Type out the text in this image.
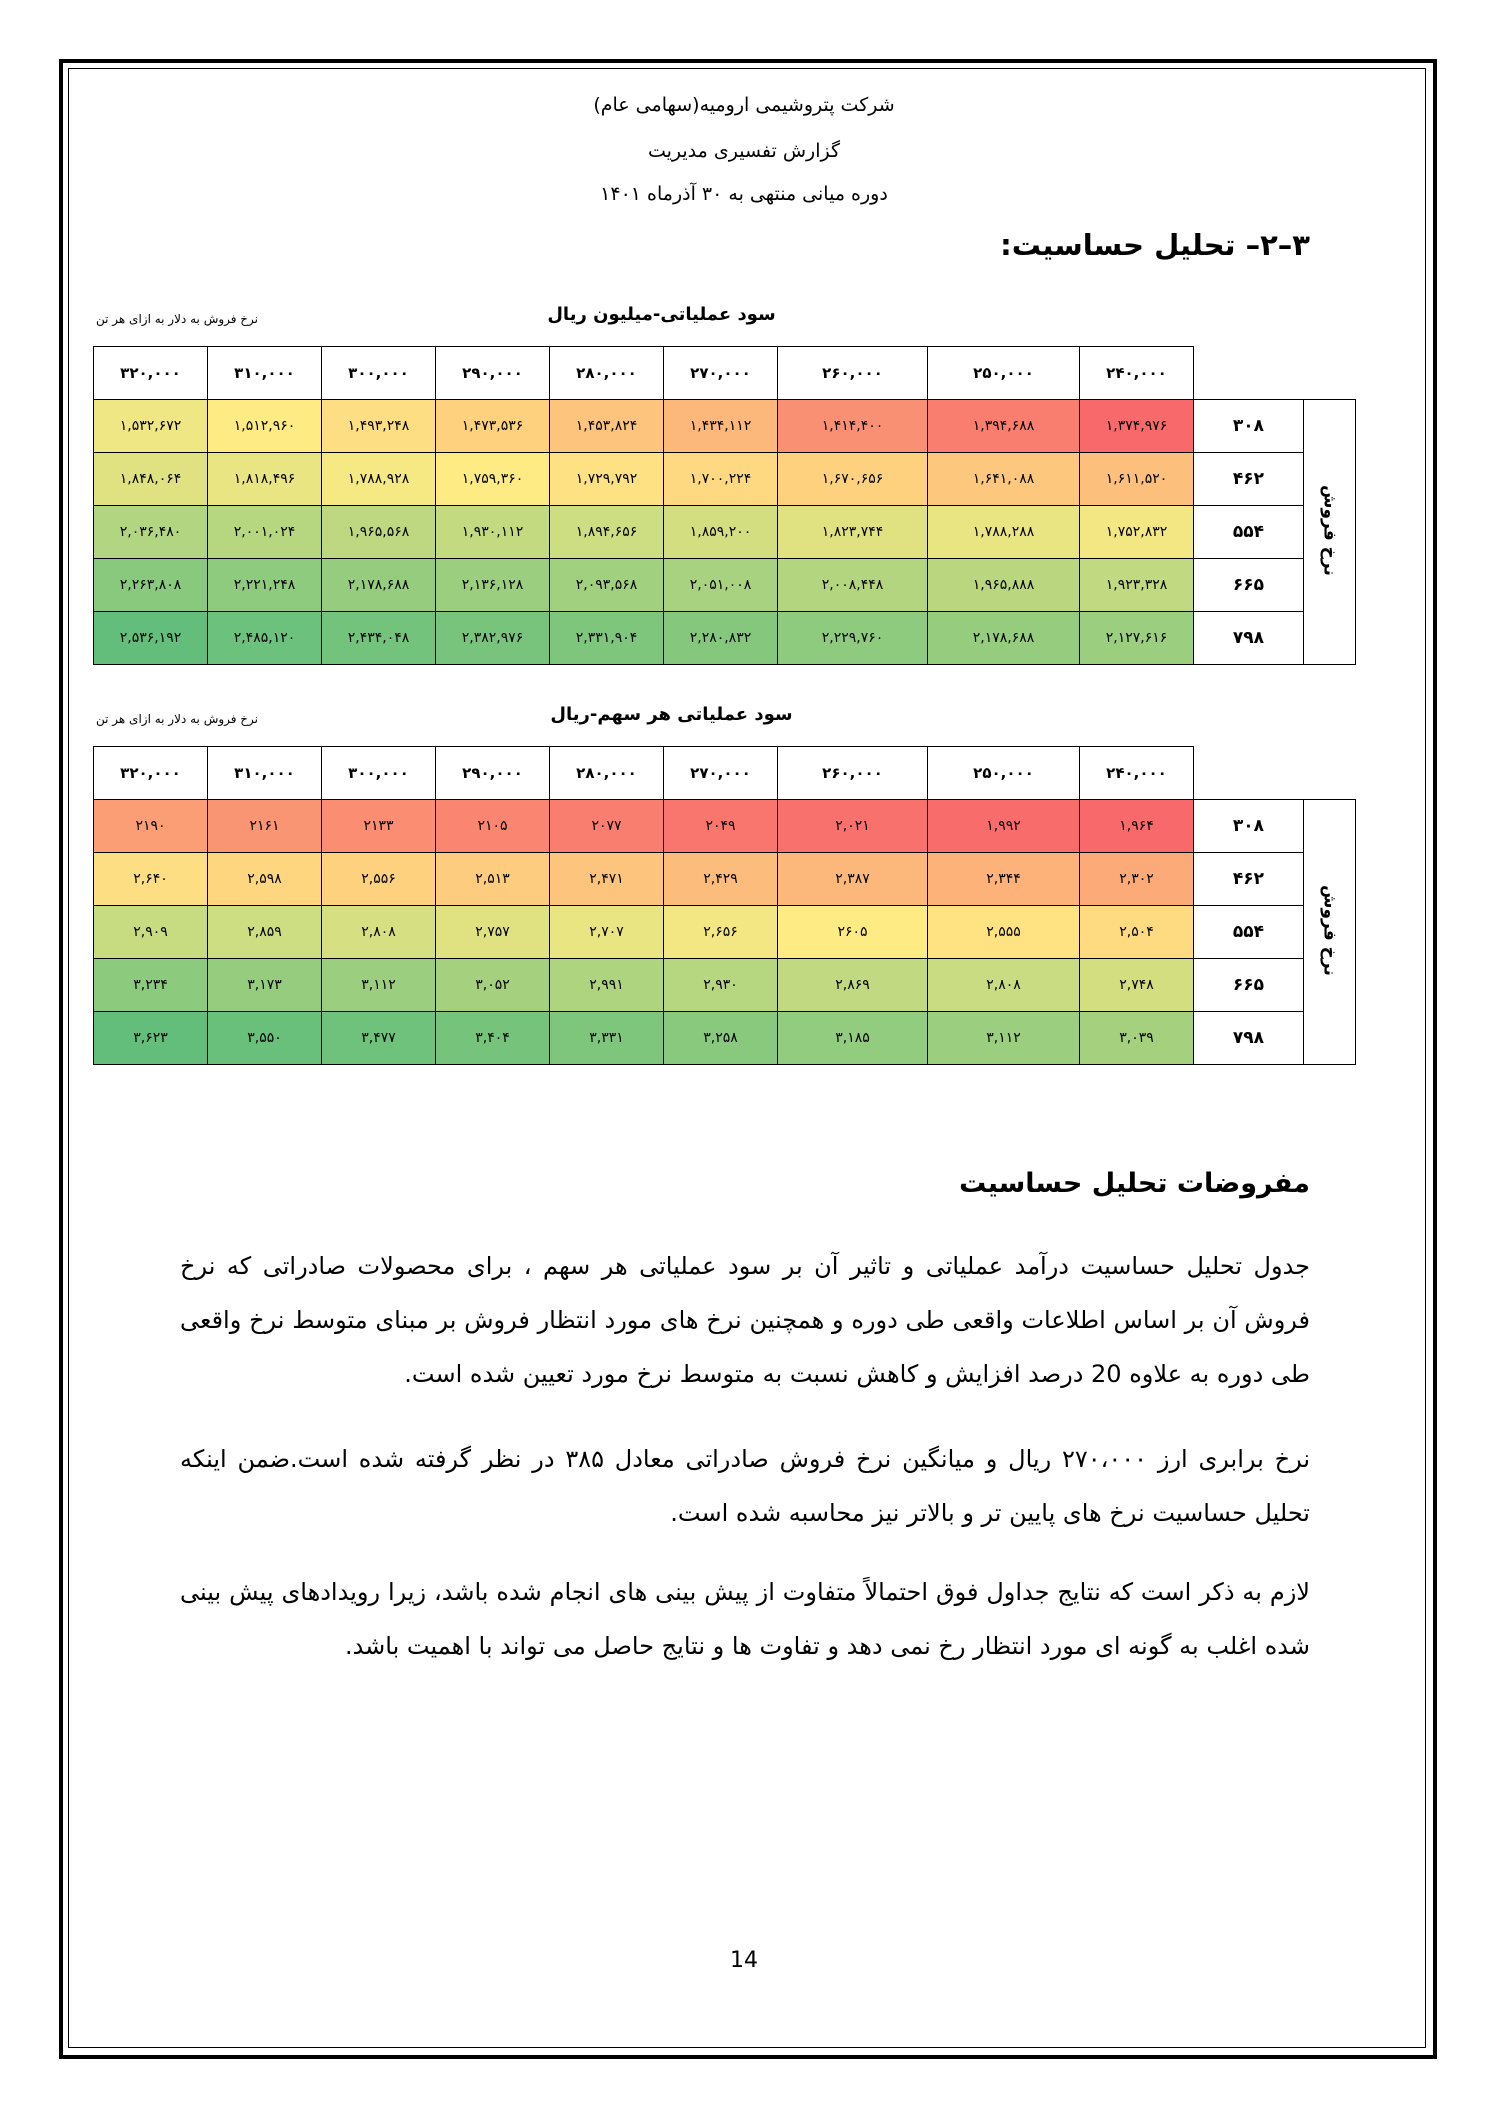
شرکت پتروشیمی ارومیه(سهامی عام)
گزارش تفسیری مدیریت
دوره میانی منتهی به ۳۰ آذرماه ۱۴۰۱
۳–۲– تحلیل حساسیت:
نرخ فروش به دلار به ازای هر تن	سود عملیاتی-میلیون ریال
۳۲۰,۰۰۰	۳۱۰,۰۰۰	۳۰۰,۰۰۰	۲۹۰,۰۰۰	۲۸۰,۰۰۰	۲۷۰,۰۰۰	۲۶۰,۰۰۰	۲۵۰,۰۰۰	۲۴۰,۰۰۰		
۱,۵۳۲,۶۷۲	۱,۵۱۲,۹۶۰	۱,۴۹۳,۲۴۸	۱,۴۷۳,۵۳۶	۱,۴۵۳,۸۲۴	۱,۴۳۴,۱۱۲	۱,۴۱۴,۴۰۰	۱,۳۹۴,۶۸۸	۱,۳۷۴,۹۷۶	۳۰۸	نرخ فروش
۱,۸۴۸,۰۶۴	۱,۸۱۸,۴۹۶	۱,۷۸۸,۹۲۸	۱,۷۵۹,۳۶۰	۱,۷۲۹,۷۹۲	۱,۷۰۰,۲۲۴	۱,۶۷۰,۶۵۶	۱,۶۴۱,۰۸۸	۱,۶۱۱,۵۲۰	۴۶۲	
۲,۰۳۶,۴۸۰	۲,۰۰۱,۰۲۴	۱,۹۶۵,۵۶۸	۱,۹۳۰,۱۱۲	۱,۸۹۴,۶۵۶	۱,۸۵۹,۲۰۰	۱,۸۲۳,۷۴۴	۱,۷۸۸,۲۸۸	۱,۷۵۲,۸۳۲	۵۵۴	
۲,۲۶۳,۸۰۸	۲,۲۲۱,۲۴۸	۲,۱۷۸,۶۸۸	۲,۱۳۶,۱۲۸	۲,۰۹۳,۵۶۸	۲,۰۵۱,۰۰۸	۲,۰۰۸,۴۴۸	۱,۹۶۵,۸۸۸	۱,۹۲۳,۳۲۸	۶۶۵	
۲,۵۳۶,۱۹۲	۲,۴۸۵,۱۲۰	۲,۴۳۴,۰۴۸	۲,۳۸۲,۹۷۶	۲,۳۳۱,۹۰۴	۲,۲۸۰,۸۳۲	۲,۲۲۹,۷۶۰	۲,۱۷۸,۶۸۸	۲,۱۲۷,۶۱۶	۷۹۸	
نرخ فروش به دلار به ازای هر تن	سود عملیاتی هر سهم-ریال
۳۲۰,۰۰۰	۳۱۰,۰۰۰	۳۰۰,۰۰۰	۲۹۰,۰۰۰	۲۸۰,۰۰۰	۲۷۰,۰۰۰	۲۶۰,۰۰۰	۲۵۰,۰۰۰	۲۴۰,۰۰۰		
۲۱۹۰	۲۱۶۱	۲۱۳۳	۲۱۰۵	۲۰۷۷	۲۰۴۹	۲,۰۲۱	۱,۹۹۲	۱,۹۶۴	۳۰۸	نرخ فروش
۲,۶۴۰	۲,۵۹۸	۲,۵۵۶	۲,۵۱۳	۲,۴۷۱	۲,۴۲۹	۲,۳۸۷	۲,۳۴۴	۲,۳۰۲	۴۶۲	
۲,۹۰۹	۲,۸۵۹	۲,۸۰۸	۲,۷۵۷	۲,۷۰۷	۲,۶۵۶	۲۶۰۵	۲,۵۵۵	۲,۵۰۴	۵۵۴	
۳,۲۳۴	۳,۱۷۳	۳,۱۱۲	۳,۰۵۲	۲,۹۹۱	۲,۹۳۰	۲,۸۶۹	۲,۸۰۸	۲,۷۴۸	۶۶۵	
۳,۶۲۳	۳,۵۵۰	۳,۴۷۷	۳,۴۰۴	۳,۳۳۱	۳,۲۵۸	۳,۱۸۵	۳,۱۱۲	۳,۰۳۹	۷۹۸	
مفروضات تحلیل حساسیت
جدول تحلیل حساسیت درآمد عملیاتی و تاثیر آن بر سود عملیاتی هر سهم ، برای محصولات صادراتی که نرخ فروش آن بر اساس اطلاعات واقعی طی دوره و همچنین نرخ های مورد انتظار فروش بر مبنای متوسط نرخ واقعی طی دوره به علاوه 20 درصد افزایش و کاهش نسبت به متوسط نرخ مورد تعیین شده است.
نرخ برابری ارز ۲۷۰،۰۰۰ ریال و میانگین نرخ فروش صادراتی معادل ۳۸۵ در نظر گرفته شده است.ضمن اینکه تحلیل حساسیت نرخ های پایین تر و بالاتر نیز محاسبه شده است.
لازم به ذکر است که نتایج جداول فوق احتمالاً متفاوت از پیش بینی های انجام شده باشد، زیرا رویدادهای پیش بینی شده اغلب به گونه ای مورد انتظار رخ نمی دهد و تفاوت ها و نتایج حاصل می تواند با اهمیت باشد.
14
